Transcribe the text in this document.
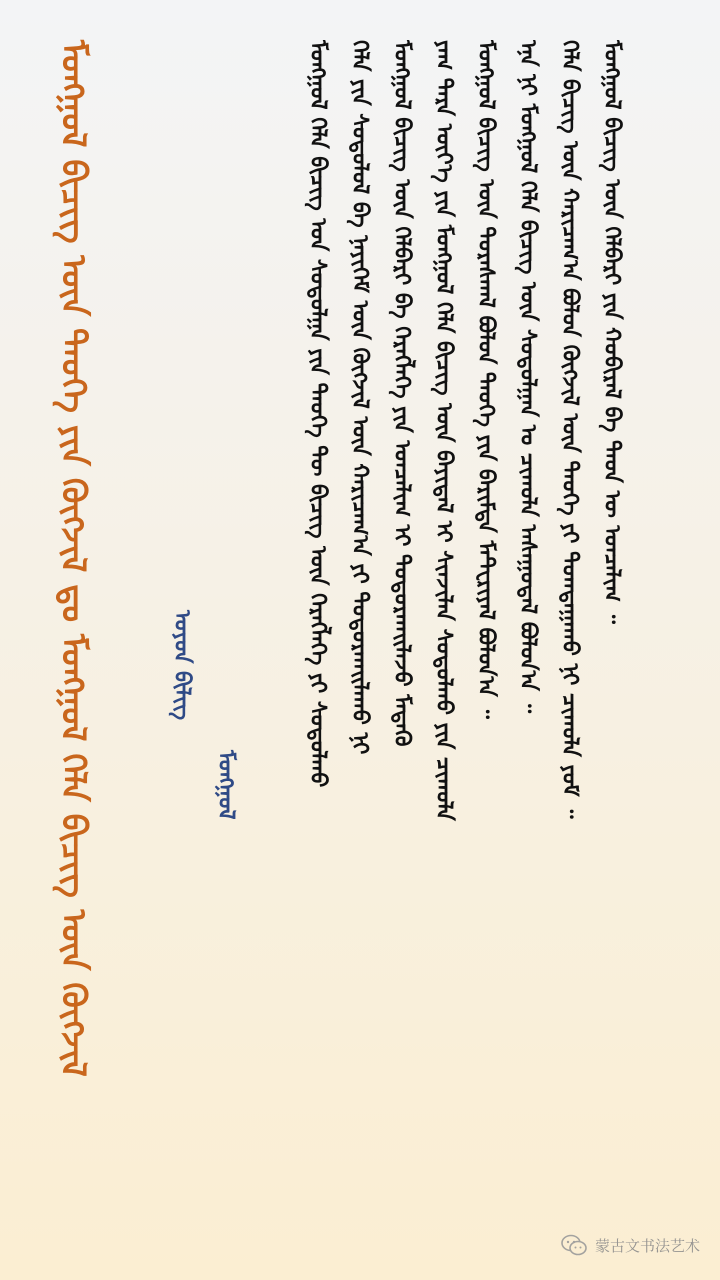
ᠮᠣᠩᠭᠣᠯ ᠪᠢᠴᠢᠭ ᠦᠨ ᠲᠡᠦᠬᠡ ᠶᠢᠨ ᠬᠥᠭᠵᠢᠯ ᠳᠤ ᠮᠣᠩᠭᠣᠯ ᠬᠡᠯᠡ ᠪᠢᠴᠢᠭ ᠦᠨ ᠬᠥᠭᠵᠢᠯ	ᠣᠶᠤᠨ ᠪᠢᠯᠢᠭ
ᠮᠣᠩᠭᠣᠯ	ᠮᠣᠩᠭᠣᠯ ᠬᠡᠯᠡ ᠪᠢᠴᠢᠭ ᠤᠨ ᠰᠤᠳᠤᠯᠭᠠ ᠶᠢᠨ ᠲᠡᠦᠬᠡ ᠲᠦ ᠪᠢᠴᠢᠭ ᠦᠨ ᠬᠡᠷᠡᠭᠯᠡᠭᠡ ᠶᠢ ᠰᠤᠳᠤᠯᠬᠤ ᠬᠡᠯᠡ ᠶᠢᠨ ᠰᠤᠳᠤᠯᠤᠯ ᠪᠠ ᠨᠡᠶᠢᠭᠡᠮ ᠦᠨ ᠬᠥᠭᠵᠢᠯ ᠦᠨ ᠬᠠᠷᠢᠴᠠᠭ᠎ᠠ ᠶᠢ ᠲᠣᠳᠣᠷᠬᠠᠢᠯᠠᠬᠤ ᠨᠢ ᠮᠣᠩᠭᠣᠯ ᠪᠢᠴᠢᠭ ᠦᠨ ᠬᠡᠯᠪᠡᠷᠢ ᠪᠠ ᠬᠡᠷᠡᠭᠯᠡᠭᠡ ᠶᠢᠨ ᠣᠨᠴᠠᠯᠢᠭ ᠢ ᠲᠣᠳᠣᠷᠬᠠᠢᠯᠠᠵᠤ ᠮᠡᠳᠡᠬᠦ ᠶᠠᠭ ᠲᠡᠷᠡ ᠦᠶ᠎ᠡ ᠶᠢᠨ ᠮᠣᠩᠭᠣᠯ ᠬᠡᠯᠡ ᠪᠢᠴᠢᠭ ᠦᠨ ᠪᠠᠶᠢᠳᠠᠯ ᠢ ᠰᠢᠨᠵᠢᠯᠡᠨ ᠰᠤᠳᠤᠯᠬᠤ ᠶᠢᠨ ᠴᠢᠬᠤᠯᠠ ᠮᠣᠩᠭᠣᠯ ᠪᠢᠴᠢᠭ ᠦᠨ ᠳᠤᠷᠠᠰᠬᠠᠯ ᠪᠣᠯᠤᠨ ᠲᠡᠦᠬᠡ ᠶᠢᠨ ᠪᠠᠷᠢᠮᠲᠠ ᠮᠠᠲᠧᠷᠢᠶᠠᠯ ᠪᠣᠯᠤᠨ᠎ᠠ ᠃ ᠡᠨᠡ ᠨᠢ ᠮᠣᠩᠭᠣᠯ ᠬᠡᠯᠡ ᠪᠢᠴᠢᠭ ᠦᠨ ᠰᠤᠳᠤᠯᠭᠠᠨ ᠤ ᠴᠢᠬᠤᠯᠠ ᠠᠰᠠᠭᠤᠳᠠᠯ ᠪᠣᠯᠤᠨ᠎ᠠ ᠃ ᠬᠡᠯᠡ ᠪᠢᠴᠢᠭ ᠦᠨ ᠬᠠᠷᠢᠴᠠᠭ᠎ᠠ ᠪᠣᠯᠤᠨ ᠬᠥᠭᠵᠢᠯ ᠦᠨ ᠲᠡᠦᠬᠡ ᠶᠢ ᠲᠣᠭᠳᠠᠭᠠᠬᠤ ᠨᠢ ᠴᠢᠬᠤᠯᠠ ᠶᠤᠮ ᠃ ᠮᠣᠩᠭᠣᠯ ᠪᠢᠴᠢᠭ ᠦᠨ ᠬᠡᠯᠪᠡᠷᠢ ᠶᠢᠨ ᠬᠤᠪᠢᠷᠠᠯ ᠪᠠ ᠲᠡᠦᠨ ᠦ ᠣᠨᠴᠠᠯᠢᠭ ᠃
蒙古文书法艺术
